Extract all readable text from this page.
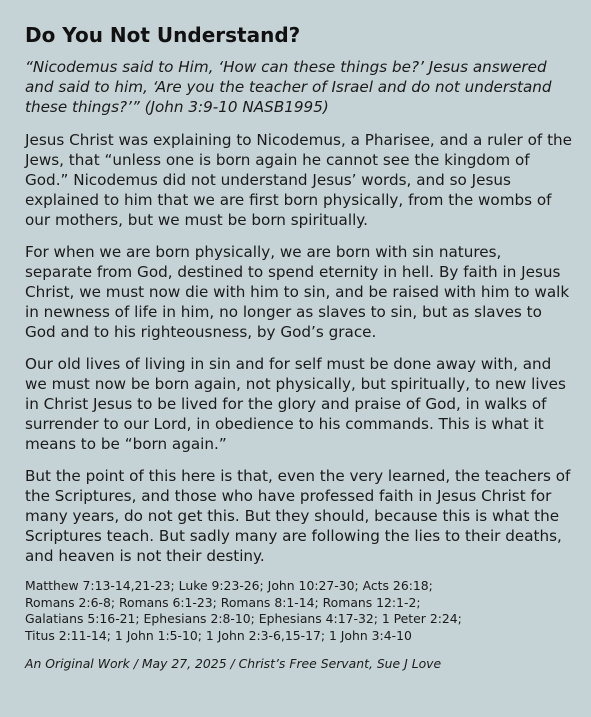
Do You Not Understand?

“Nicodemus said to Him, ‘How can these things be?’ Jesus answered and said to him, ‘Are you the teacher of Israel and do not understand these things?’” (John 3:9-10 NASB1995)

Jesus Christ was explaining to Nicodemus, a Pharisee, and a ruler of the Jews, that “unless one is born again he cannot see the kingdom of God.” Nicodemus did not understand Jesus’ words, and so Jesus explained to him that we are first born physically, from the wombs of our mothers, but we must be born spiritually.

For when we are born physically, we are born with sin natures, separate from God, destined to spend eternity in hell. By faith in Jesus Christ, we must now die with him to sin, and be raised with him to walk in newness of life in him, no longer as slaves to sin, but as slaves to God and to his righteousness, by God’s grace.

Our old lives of living in sin and for self must be done away with, and we must now be born again, not physically, but spiritually, to new lives in Christ Jesus to be lived for the glory and praise of God, in walks of surrender to our Lord, in obedience to his commands. This is what it means to be “born again.”

But the point of this here is that, even the very learned, the teachers of the Scriptures, and those who have professed faith in Jesus Christ for many years, do not get this. But they should, because this is what the Scriptures teach. But sadly many are following the lies to their deaths, and heaven is not their destiny.

Matthew 7:13-14,21-23; Luke 9:23-26; John 10:27-30; Acts 26:18;
Romans 2:6-8; Romans 6:1-23; Romans 8:1-14; Romans 12:1-2;
Galatians 5:16-21; Ephesians 2:8-10; Ephesians 4:17-32; 1 Peter 2:24;
Titus 2:11-14; 1 John 1:5-10; 1 John 2:3-6,15-17; 1 John 3:4-10

An Original Work / May 27, 2025 / Christ’s Free Servant, Sue J Love
